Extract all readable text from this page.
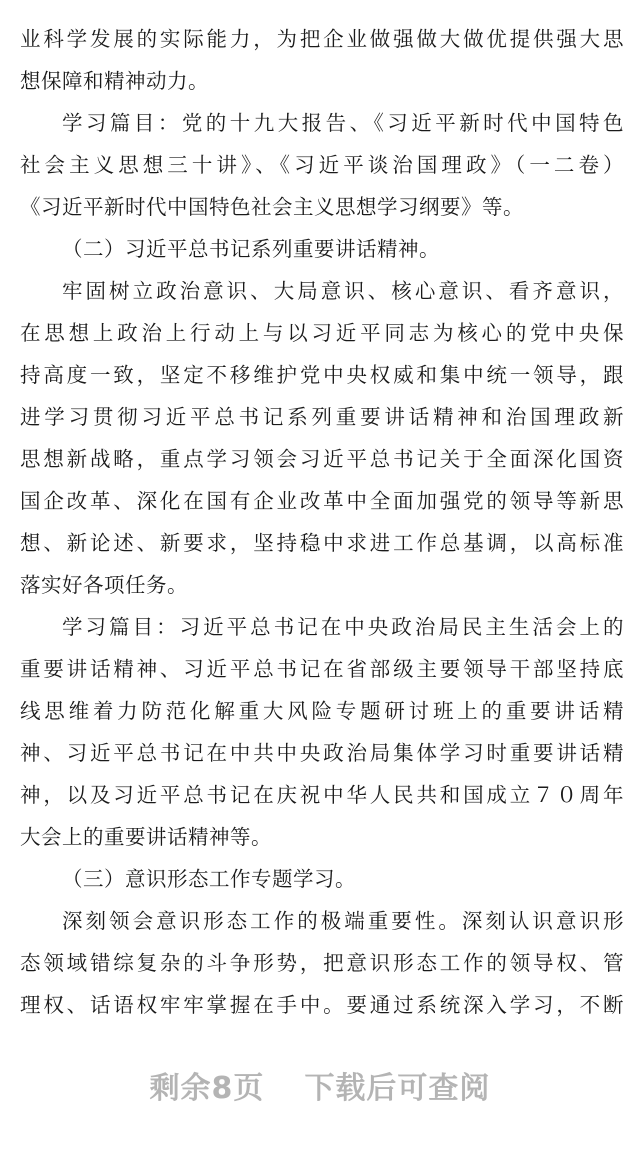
业科学发展的实际能力，为把企业做强做大做优提供强大思
想保障和精神动力。
学习篇目：党的十九大报告、《习近平新时代中国特色
社会主义思想三十讲》、《习近平谈治国理政》（一二卷）
《习近平新时代中国特色社会主义思想学习纲要》等。
（二）习近平总书记系列重要讲话精神。
牢固树立政治意识、大局意识、核心意识、看齐意识，
在思想上政治上行动上与以习近平同志为核心的党中央保
持高度一致，坚定不移维护党中央权威和集中统一领导，跟
进学习贯彻习近平总书记系列重要讲话精神和治国理政新
思想新战略，重点学习领会习近平总书记关于全面深化国资
国企改革、深化在国有企业改革中全面加强党的领导等新思
想、新论述、新要求，坚持稳中求进工作总基调，以高标准
落实好各项任务。
学习篇目：习近平总书记在中央政治局民主生活会上的
重要讲话精神、习近平总书记在省部级主要领导干部坚持底
线思维着力防范化解重大风险专题研讨班上的重要讲话精
神、习近平总书记在中共中央政治局集体学习时重要讲话精
神，以及习近平总书记在庆祝中华人民共和国成立７０周年
大会上的重要讲话精神等。
（三）意识形态工作专题学习。
深刻领会意识形态工作的极端重要性。深刻认识意识形
态领域错综复杂的斗争形势，把意识形态工作的领导权、管
理权、话语权牢牢掌握在手中。要通过系统深入学习，不断
剩余8页 下载后可查阅
